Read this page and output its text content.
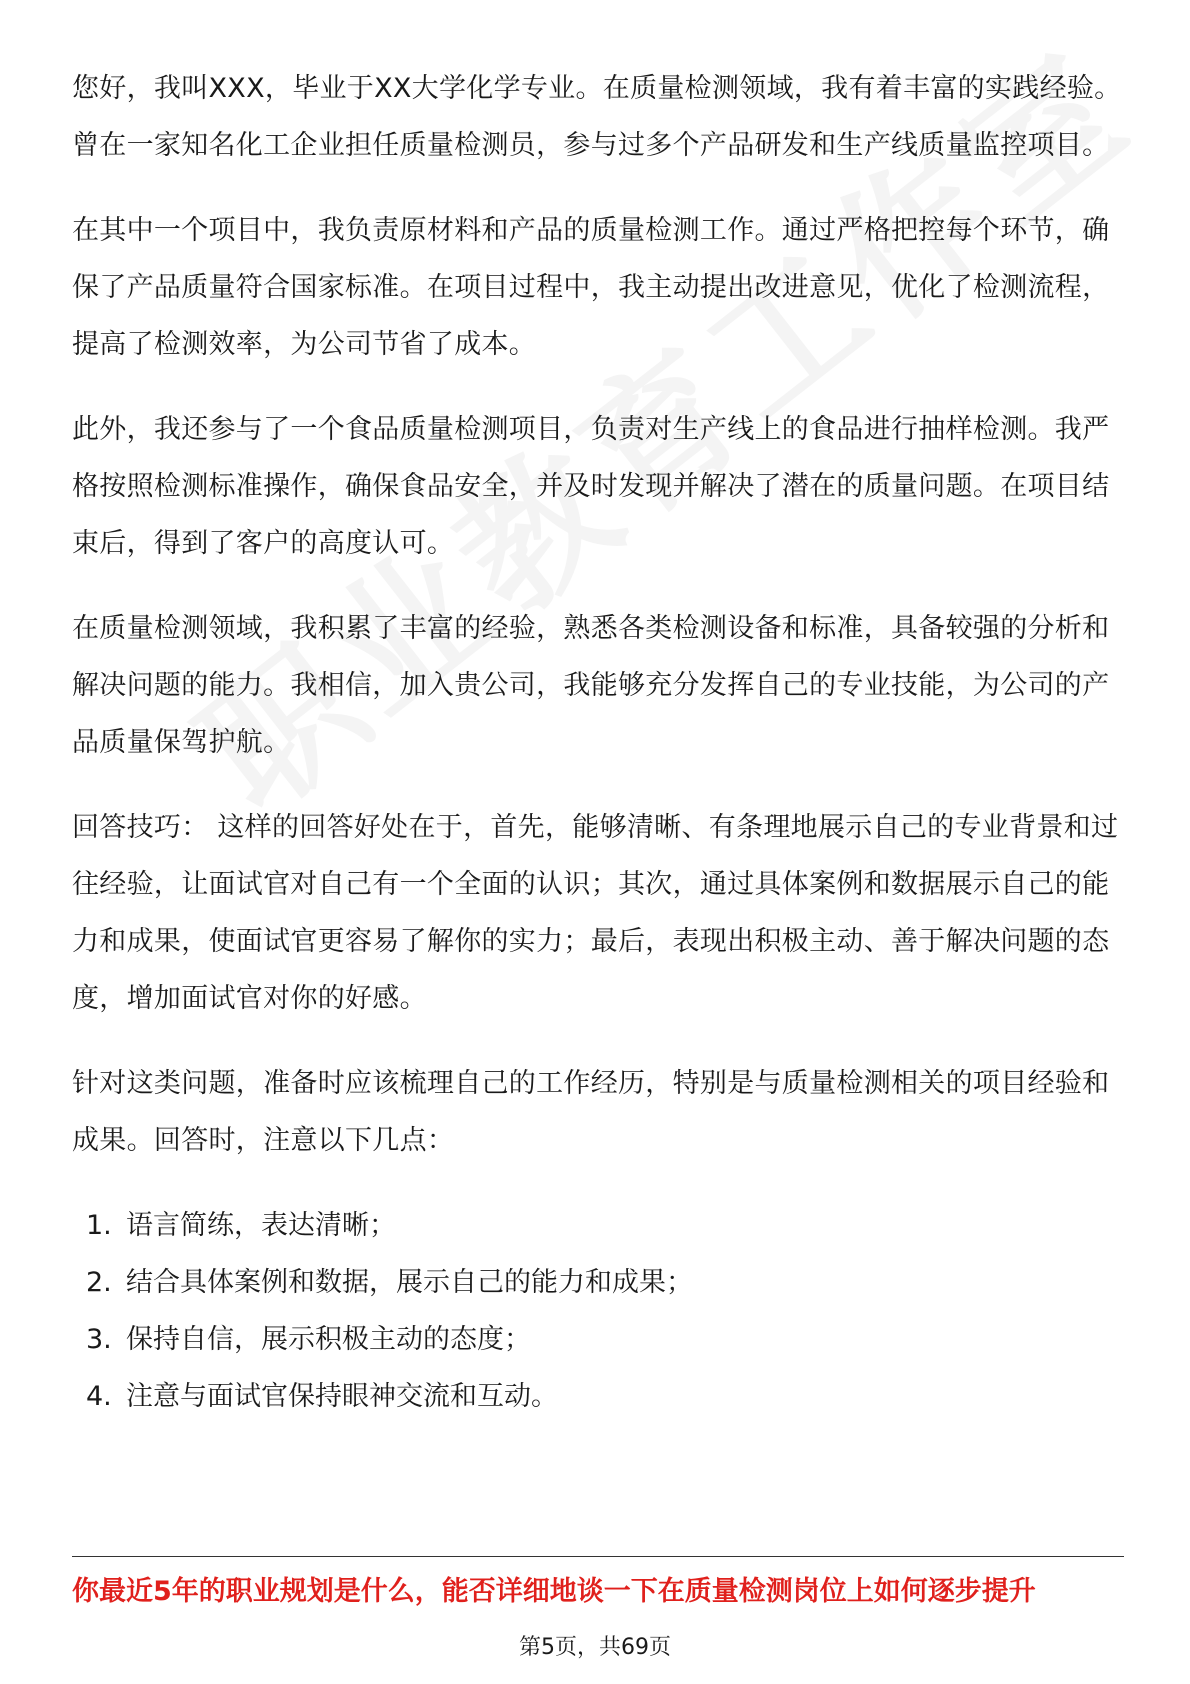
您好，我叫XXX，毕业于XX大学化学专业。在质量检测领域，我有着丰富的实践经验。曾在一家知名化工企业担任质量检测员，参与过多个产品研发和生产线质量监控项目。

在其中一个项目中，我负责原材料和产品的质量检测工作。通过严格把控每个环节，确保了产品质量符合国家标准。在项目过程中，我主动提出改进意见，优化了检测流程，提高了检测效率，为公司节省了成本。

此外，我还参与了一个食品质量检测项目，负责对生产线上的食品进行抽样检测。我严格按照检测标准操作，确保食品安全，并及时发现并解决了潜在的质量问题。在项目结束后，得到了客户的高度认可。

在质量检测领域，我积累了丰富的经验，熟悉各类检测设备和标准，具备较强的分析和解决问题的能力。我相信，加入贵公司，我能够充分发挥自己的专业技能，为公司的产品质量保驾护航。

回答技巧： 这样的回答好处在于，首先，能够清晰、有条理地展示自己的专业背景和过往经验，让面试官对自己有一个全面的认识；其次，通过具体案例和数据展示自己的能力和成果，使面试官更容易了解你的实力；最后，表现出积极主动、善于解决问题的态度，增加面试官对你的好感。

针对这类问题，准备时应该梳理自己的工作经历，特别是与质量检测相关的项目经验和成果。回答时，注意以下几点：

1. 语言简练，表达清晰；
2. 结合具体案例和数据，展示自己的能力和成果；
3. 保持自信，展示积极主动的态度；
4. 注意与面试官保持眼神交流和互动。
你最近5年的职业规划是什么，能否详细地谈一下在质量检测岗位上如何逐步提升
第5页，共69页
